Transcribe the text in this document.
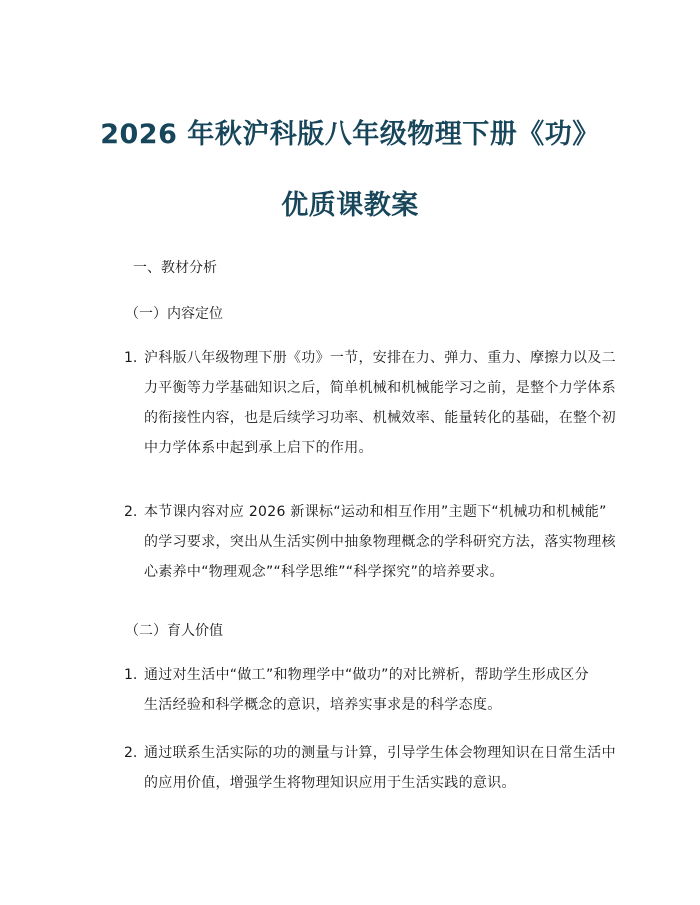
2026 年秋沪科版八年级物理下册《功》
优质课教案
一、教材分析
（一）内容定位
1. 沪科版八年级物理下册《功》一节，安排在力、弹力、重力、摩擦力以及二
力平衡等力学基础知识之后，简单机械和机械能学习之前，是整个力学体系
的衔接性内容，也是后续学习功率、机械效率、能量转化的基础，在整个初
中力学体系中起到承上启下的作用。
2. 本节课内容对应 2026 新课标“运动和相互作用”主题下“机械功和机械能”
的学习要求，突出从生活实例中抽象物理概念的学科研究方法，落实物理核
心素养中“物理观念”“科学思维”“科学探究”的培养要求。
（二）育人价值
1. 通过对生活中“做工”和物理学中“做功”的对比辨析，帮助学生形成区分
生活经验和科学概念的意识，培养实事求是的科学态度。
2. 通过联系生活实际的功的测量与计算，引导学生体会物理知识在日常生活中
的应用价值，增强学生将物理知识应用于生活实践的意识。
